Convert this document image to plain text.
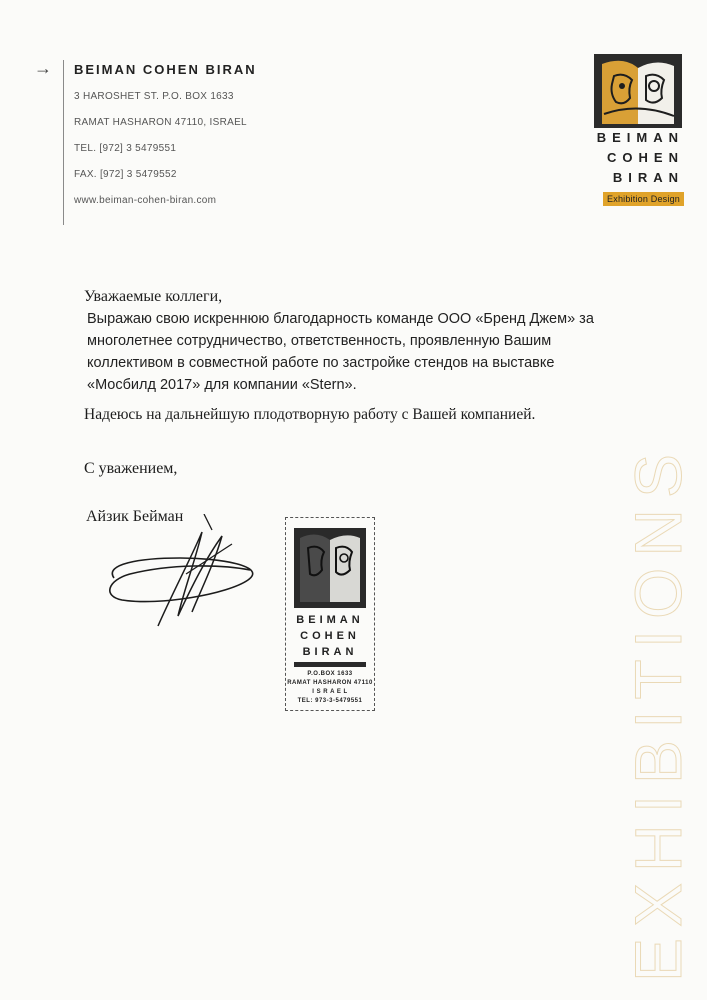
→ BEIMAN COHEN BIRAN
3 HAROSHET ST. P.O. BOX 1633
RAMAT HASHARON 47110, ISRAEL
TEL. [972] 3 5479551
FAX. [972] 3 5479552
www.beiman-cohen-biran.com
BEIMAN
COHEN
BIRAN
Exhibition Design
EXHIBITIONS
Уважаемые коллеги,
Выражаю свою искреннюю благодарность команде ООО «Бренд Джем» за многолетнее сотрудничество, ответственность, проявленную Вашим коллективом в совместной работе по застройке стендов на выставке «Мосбилд 2017» для компании «Stern».
Надеюсь на дальнейшую плодотворную работу с Вашей компанией.
С уважением,
Айзик Бейман
BEIMAN
COHEN
BIRAN
P.O.BOX 1633
RAMAT HASHARON 47110
I S R A E L
TEL: 973-3-5479551
